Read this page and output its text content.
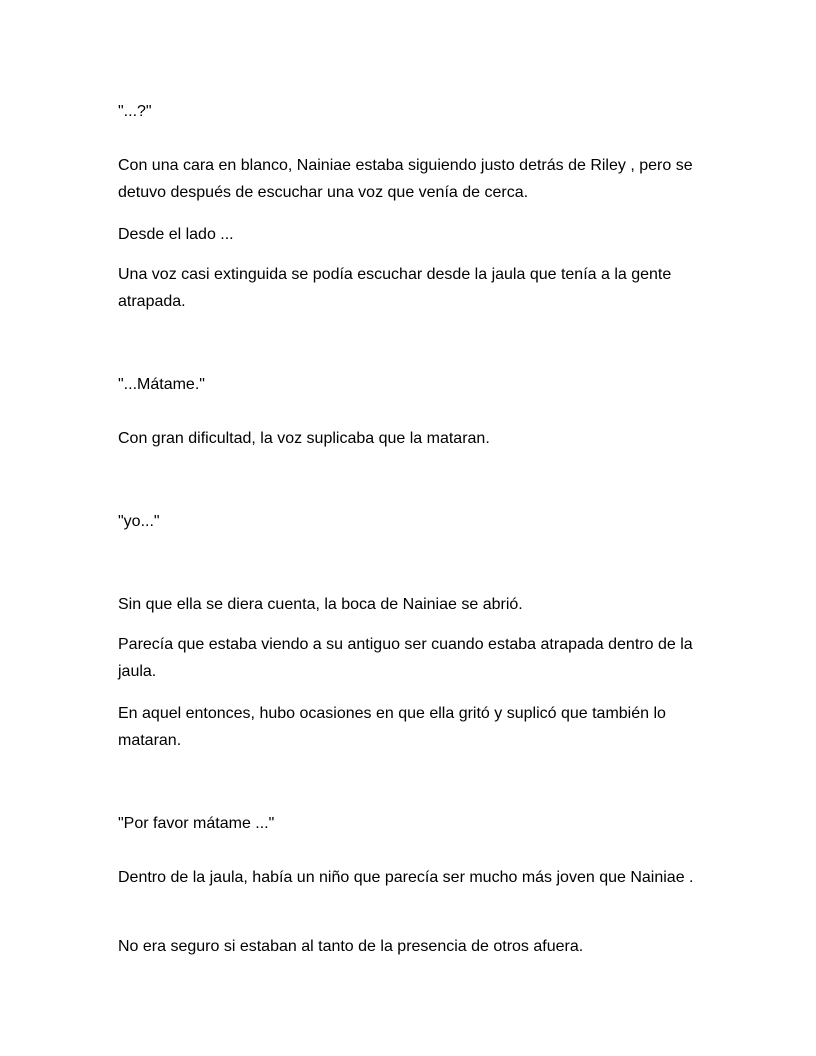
"...?"

Con una cara en blanco, Nainiae estaba siguiendo justo detrás de Riley , pero se detuvo después de escuchar una voz que venía de cerca.

Desde el lado ...

Una voz casi extinguida se podía escuchar desde la jaula que tenía a la gente atrapada.

"...Mátame."

Con gran dificultad, la voz suplicaba que la mataran.

"yo..."

Sin que ella se diera cuenta, la boca de Nainiae se abrió.

Parecía que estaba viendo a su antiguo ser cuando estaba atrapada dentro de la jaula.

En aquel entonces, hubo ocasiones en que ella gritó y suplicó que también lo mataran.

"Por favor mátame ..."

Dentro de la jaula, había un niño que parecía ser mucho más joven que Nainiae .

No era seguro si estaban al tanto de la presencia de otros afuera.
